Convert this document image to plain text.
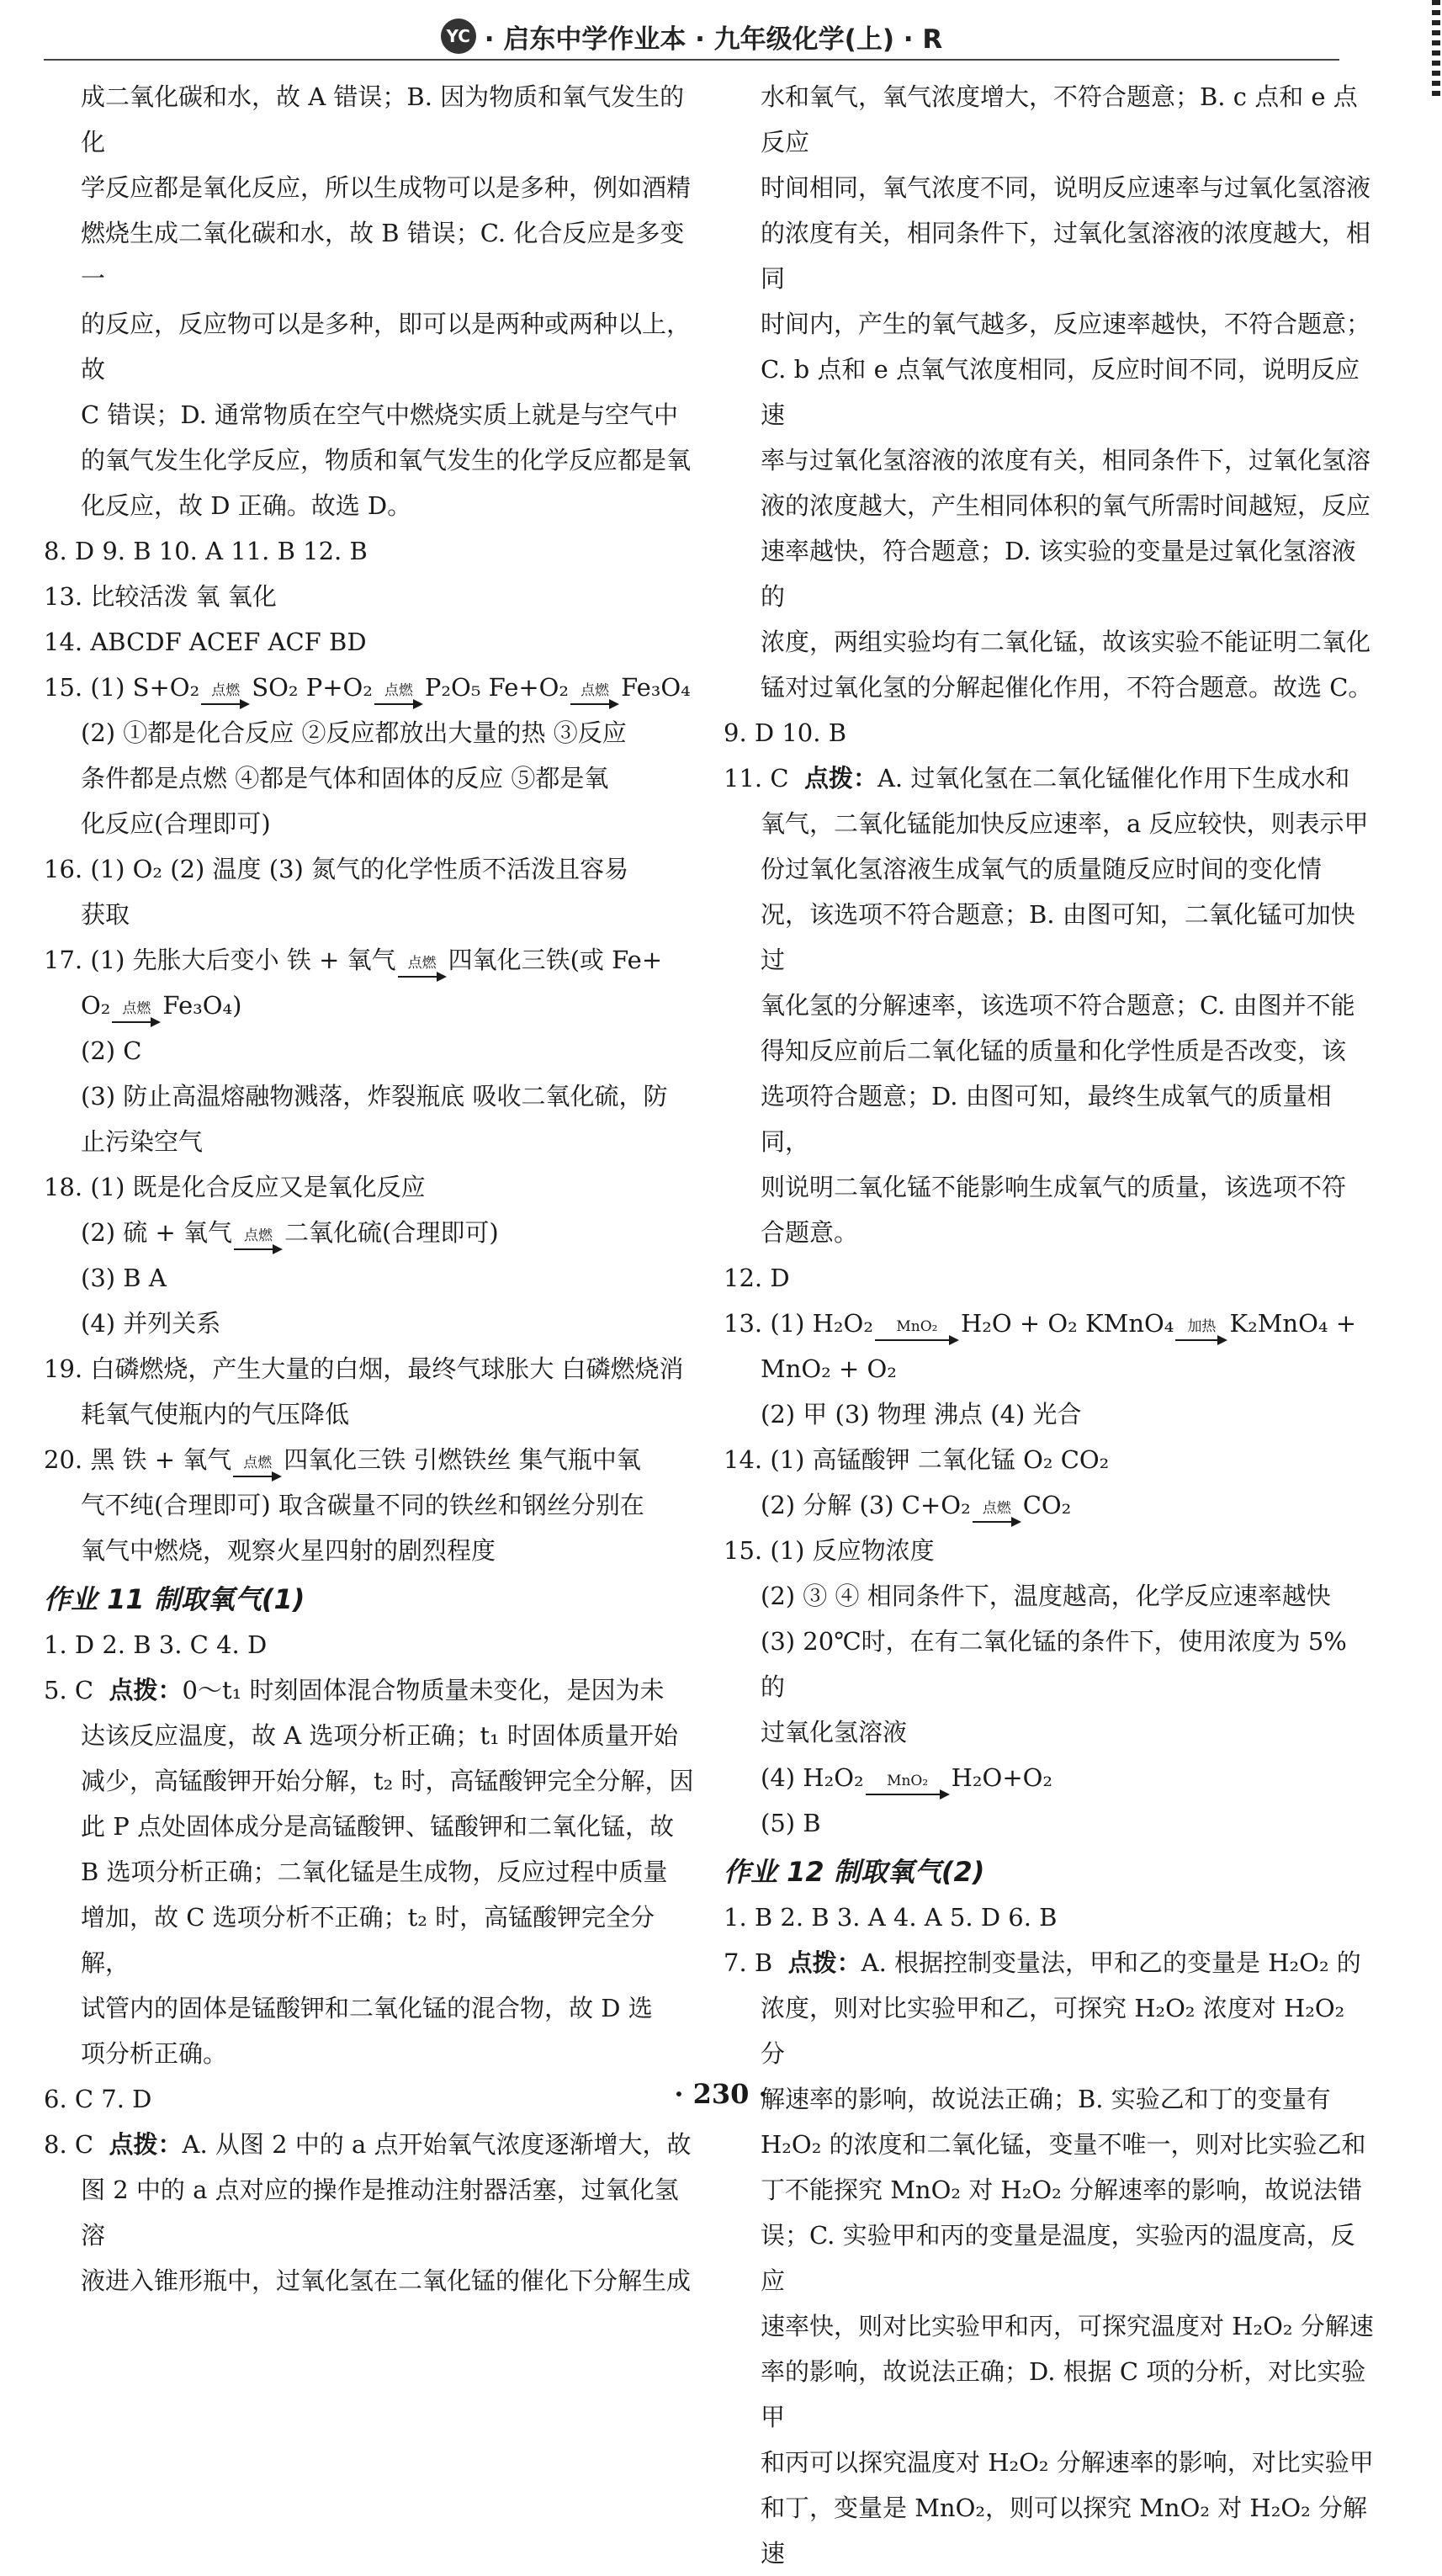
YC · 启东中学作业本 · 九年级化学(上) · R

成二氧化碳和水，故 A 错误；B. 因为物质和氧气发生的化

学反应都是氧化反应，所以生成物可以是多种，例如酒精

燃烧生成二氧化碳和水，故 B 错误；C. 化合反应是多变一

的反应，反应物可以是多种，即可以是两种或两种以上，故

C 错误；D. 通常物质在空气中燃烧实质上就是与空气中

的氧气发生化学反应，物质和氧气发生的化学反应都是氧

化反应，故 D 正确。故选 D。

8. D 9. B 10. A 11. B 12. B

13. 比较活泼 氧 氧化

14. ABCDF ACEF ACF BD

15. (1) S+O₂ 点燃 SO₂ P+O₂ 点燃 P₂O₅ Fe+O₂ 点燃 Fe₃O₄

(2) ①都是化合反应 ②反应都放出大量的热 ③反应

条件都是点燃 ④都是气体和固体的反应 ⑤都是氧

化反应(合理即可)

16. (1) O₂ (2) 温度 (3) 氮气的化学性质不活泼且容易

获取

17. (1) 先胀大后变小 铁 + 氧气 点燃 四氧化三铁(或 Fe+
O₂ 点燃 Fe₃O₄)

(2) C

(3) 防止高温熔融物溅落，炸裂瓶底 吸收二氧化硫，防

止污染空气

18. (1) 既是化合反应又是氧化反应

(2) 硫 + 氧气 点燃 二氧化硫(合理即可)

(3) B A

(4) 并列关系

19. 白磷燃烧，产生大量的白烟，最终气球胀大 白磷燃烧消

耗氧气使瓶内的气压降低

20. 黑 铁 + 氧气 点燃 四氧化三铁 引燃铁丝 集气瓶中氧

气不纯(合理即可) 取含碳量不同的铁丝和钢丝分别在

氧气中燃烧，观察火星四射的剧烈程度

作业 11 制取氧气(1)

1. D 2. B 3. C 4. D

5. C 点拨：0～t₁ 时刻固体混合物质量未变化，是因为未

达该反应温度，故 A 选项分析正确；t₁ 时固体质量开始

减少，高锰酸钾开始分解，t₂ 时，高锰酸钾完全分解，因

此 P 点处固体成分是高锰酸钾、锰酸钾和二氧化锰，故

B 选项分析正确；二氧化锰是生成物，反应过程中质量

增加，故 C 选项分析不正确；t₂ 时，高锰酸钾完全分解，

试管内的固体是锰酸钾和二氧化锰的混合物，故 D 选

项分析正确。

6. C 7. D

8. C 点拨：A. 从图 2 中的 a 点开始氧气浓度逐渐增大，故

图 2 中的 a 点对应的操作是推动注射器活塞，过氧化氢溶

液进入锥形瓶中，过氧化氢在二氧化锰的催化下分解生成

水和氧气，氧气浓度增大，不符合题意；B. c 点和 e 点反应

时间相同，氧气浓度不同，说明反应速率与过氧化氢溶液

的浓度有关，相同条件下，过氧化氢溶液的浓度越大，相同

时间内，产生的氧气越多，反应速率越快，不符合题意；

C. b 点和 e 点氧气浓度相同，反应时间不同，说明反应速

率与过氧化氢溶液的浓度有关，相同条件下，过氧化氢溶

液的浓度越大，产生相同体积的氧气所需时间越短，反应

速率越快，符合题意；D. 该实验的变量是过氧化氢溶液的

浓度，两组实验均有二氧化锰，故该实验不能证明二氧化

锰对过氧化氢的分解起催化作用，不符合题意。故选 C。

9. D 10. B

11. C 点拨：A. 过氧化氢在二氧化锰催化作用下生成水和

氧气，二氧化锰能加快反应速率，a 反应较快，则表示甲

份过氧化氢溶液生成氧气的质量随反应时间的变化情

况，该选项不符合题意；B. 由图可知，二氧化锰可加快过

氧化氢的分解速率，该选项不符合题意；C. 由图并不能

得知反应前后二氧化锰的质量和化学性质是否改变，该

选项符合题意；D. 由图可知，最终生成氧气的质量相同，

则说明二氧化锰不能影响生成氧气的质量，该选项不符

合题意。

12. D

13. (1) H₂O₂ MnO₂ H₂O + O₂ KMnO₄ 加热 K₂MnO₄ +

MnO₂ + O₂

(2) 甲 (3) 物理 沸点 (4) 光合

14. (1) 高锰酸钾 二氧化锰 O₂ CO₂

(2) 分解 (3) C+O₂ 点燃 CO₂

15. (1) 反应物浓度

(2) ③ ④ 相同条件下，温度越高，化学反应速率越快

(3) 20℃时，在有二氧化锰的条件下，使用浓度为 5% 的

过氧化氢溶液

(4) H₂O₂ MnO₂ H₂O+O₂

(5) B

作业 12 制取氧气(2)

1. B 2. B 3. A 4. A 5. D 6. B

7. B 点拨：A. 根据控制变量法，甲和乙的变量是 H₂O₂ 的

浓度，则对比实验甲和乙，可探究 H₂O₂ 浓度对 H₂O₂ 分

解速率的影响，故说法正确；B. 实验乙和丁的变量有

H₂O₂ 的浓度和二氧化锰，变量不唯一，则对比实验乙和

丁不能探究 MnO₂ 对 H₂O₂ 分解速率的影响，故说法错

误；C. 实验甲和丙的变量是温度，实验丙的温度高，反应

速率快，则对比实验甲和丙，可探究温度对 H₂O₂ 分解速

率的影响，故说法正确；D. 根据 C 项的分析，对比实验甲

和丙可以探究温度对 H₂O₂ 分解速率的影响，对比实验甲

和丁，变量是 MnO₂，则可以探究 MnO₂ 对 H₂O₂ 分解速

· 230 ·
